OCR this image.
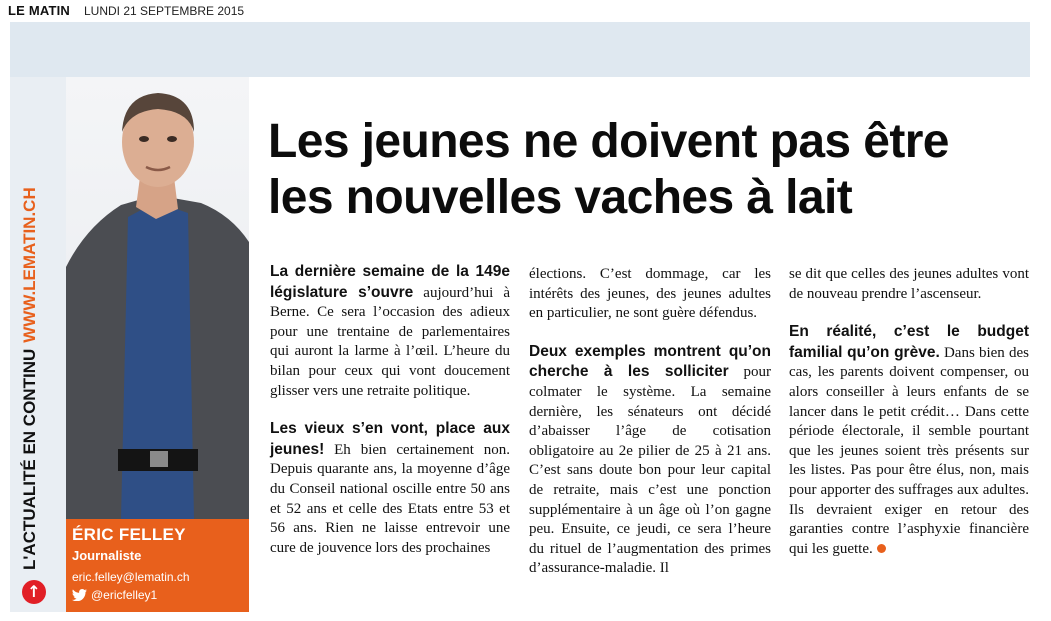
LE MATIN LUNDI 21 SEPTEMBRE 2015
L'ACTUALITÉ EN CONTINUWWW.LEMATIN.CH
↑
ÉRIC FELLEY
Journaliste
eric.felley@lematin.ch
@ericfelley1
Les jeunes ne doivent pas être
les nouvelles vaches à lait

La dernière semaine de la 149e législature s’ouvre aujourd’hui à Berne. Ce sera l’occasion des adieux pour une trentaine de parlementaires qui auront la larme à l’œil. L’heure du bilan pour ceux qui vont doucement glisser vers une retraite politique.

Les vieux s’en vont, place aux jeunes! Eh bien certainement non. Depuis quarante ans, la moyenne d’âge du Conseil national oscille entre 50 ans et 52 ans et celle des Etats entre 53 et 56 ans. Rien ne laisse entrevoir une cure de jouvence lors des prochaines

élections. C’est dommage, car les intérêts des jeunes, des jeunes adultes en particulier, ne sont guère défendus.

Deux exemples montrent qu’on cherche à les solliciter pour colmater le système. La semaine dernière, les sénateurs ont décidé d’abaisser l’âge de cotisation obligatoire au 2e pilier de 25 à 21 ans. C’est sans doute bon pour leur capital de retraite, mais c’est une ponction supplémentaire à un âge où l’on gagne peu. Ensuite, ce jeudi, ce sera l’heure du rituel de l’augmentation des primes d’assurance-maladie. Il

se dit que celles des jeunes adultes vont de nouveau prendre l’ascenseur.

En réalité, c’est le budget familial qu’on grève. Dans bien des cas, les parents doivent compenser, ou alors conseiller à leurs enfants de se lancer dans le petit crédit… Dans cette période électorale, il semble pourtant que les jeunes soient très présents sur les listes. Pas pour être élus, non, mais pour apporter des suffrages aux adultes. Ils devraient exiger en retour des garanties contre l’asphyxie financière qui les guette.
